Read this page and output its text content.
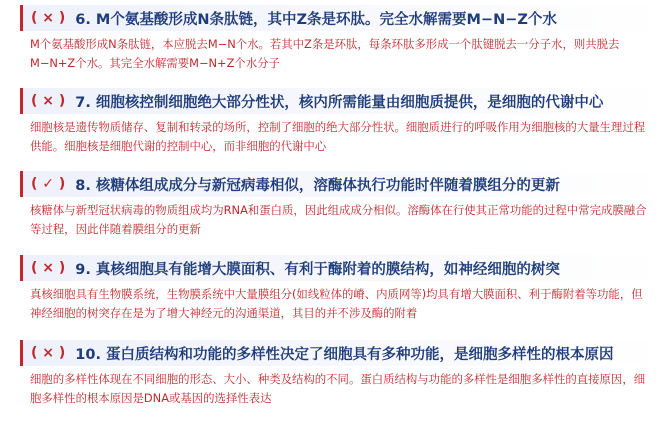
( × ) 6. M个氨基酸形成N条肽链，其中Z条是环肽。完全水解需要M−N−Z个水
M个氨基酸形成N条肽链，本应脱去M−N个水。若其中Z条是环肽，每条环肽多形成一个肽键脱去一分子水，则共脱去M−N+Z个水。其完全水解需要M−N+Z个水分子
( × ) 7. 细胞核控制细胞绝大部分性状，核内所需能量由细胞质提供，是细胞的代谢中心
细胞核是遗传物质储存、复制和转录的场所，控制了细胞的绝大部分性状。细胞质进行的呼吸作用为细胞核的大量生理过程供能。细胞核是细胞代谢的控制中心，而非细胞的代谢中心
( ✓ ) 8. 核糖体组成成分与新冠病毒相似，溶酶体执行功能时伴随着膜组分的更新
核糖体与新型冠状病毒的物质组成均为RNA和蛋白质，因此组成成分相似。溶酶体在行使其正常功能的过程中常完成膜融合等过程，因此伴随着膜组分的更新
( × ) 9. 真核细胞具有能增大膜面积、有利于酶附着的膜结构，如神经细胞的树突
真核细胞具有生物膜系统，生物膜系统中大量膜组分(如线粒体的嵴、内质网等)均具有增大膜面积、利于酶附着等功能，但神经细胞的树突存在是为了增大神经元的沟通渠道，其目的并不涉及酶的附着
( × ) 10. 蛋白质结构和功能的多样性决定了细胞具有多种功能，是细胞多样性的根本原因
细胞的多样性体现在不同细胞的形态、大小、种类及结构的不同。蛋白质结构与功能的多样性是细胞多样性的直接原因，细胞多样性的根本原因是DNA或基因的选择性表达
